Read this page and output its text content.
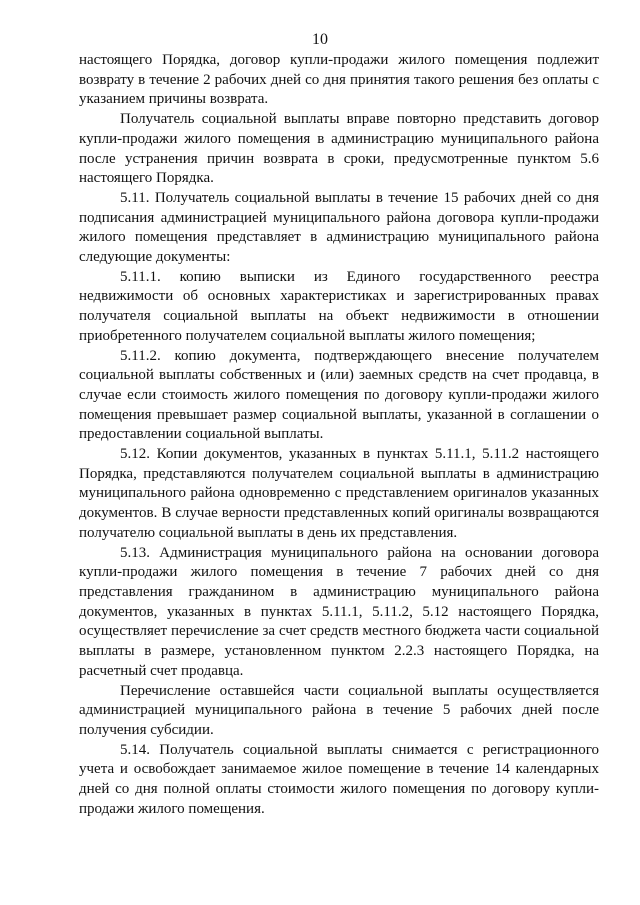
10

настоящего Порядка, договор купли-продажи жилого помещения подлежит возврату в течение 2 рабочих дней со дня принятия такого решения без оплаты с указанием причины возврата.

Получатель социальной выплаты вправе повторно представить договор купли-продажи жилого помещения в администрацию муниципального района после устранения причин возврата в сроки, предусмотренные пунктом 5.6 настоящего Порядка.

5.11. Получатель социальной выплаты в течение 15 рабочих дней со дня подписания администрацией муниципального района договора купли-продажи жилого помещения представляет в администрацию муниципального района следующие документы:

5.11.1. копию выписки из Единого государственного реестра недвижимости об основных характеристиках и зарегистрированных правах получателя социальной выплаты на объект недвижимости в отношении приобретенного получателем социальной выплаты жилого помещения;

5.11.2. копию документа, подтверждающего внесение получателем социальной выплаты собственных и (или) заемных средств на счет продавца, в случае если стоимость жилого помещения по договору купли-продажи жилого помещения превышает размер социальной выплаты, указанной в соглашении о предоставлении социальной выплаты.

5.12. Копии документов, указанных в пунктах 5.11.1, 5.11.2 настоящего Порядка, представляются получателем социальной выплаты в администрацию муниципального района одновременно с представлением оригиналов указанных документов. В случае верности представленных копий оригиналы возвращаются получателю социальной выплаты в день их представления.

5.13. Администрация муниципального района на основании договора купли-продажи жилого помещения в течение 7 рабочих дней со дня представления гражданином в администрацию муниципального района документов, указанных в пунктах 5.11.1, 5.11.2, 5.12 настоящего Порядка, осуществляет перечисление за счет средств местного бюджета части социальной выплаты в размере, установленном пунктом 2.2.3 настоящего Порядка, на расчетный счет продавца.

Перечисление оставшейся части социальной выплаты осуществляется администрацией муниципального района в течение 5 рабочих дней после получения субсидии.

5.14. Получатель социальной выплаты снимается с регистрационного учета и освобождает занимаемое жилое помещение в течение 14 календарных дней со дня полной оплаты стоимости жилого помещения по договору купли-продажи жилого помещения.
